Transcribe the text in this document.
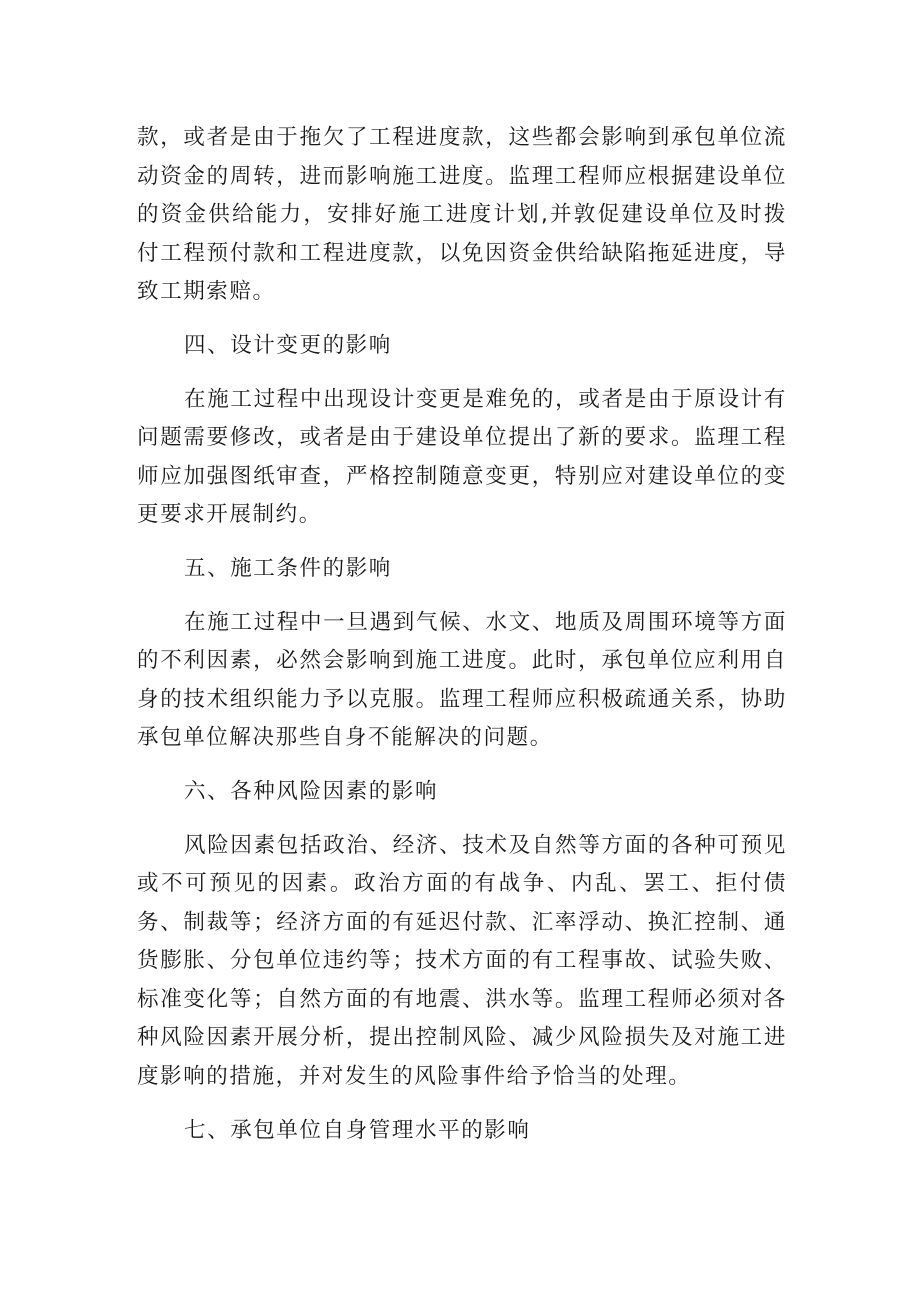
款，或者是由于拖欠了工程进度款，这些都会影响到承包单位流动资金的周转，进而影响施工进度。监理工程师应根据建设单位的资金供给能力，安排好施工进度计划,并敦促建设单位及时拨付工程预付款和工程进度款，以免因资金供给缺陷拖延进度，导致工期索赔。

四、设计变更的影响

在施工过程中出现设计变更是难免的，或者是由于原设计有问题需要修改，或者是由于建设单位提出了新的要求。监理工程师应加强图纸审查，严格控制随意变更，特别应对建设单位的变更要求开展制约。

五、施工条件的影响

在施工过程中一旦遇到气候、水文、地质及周围环境等方面的不利因素，必然会影响到施工进度。此时，承包单位应利用自身的技术组织能力予以克服。监理工程师应积极疏通关系，协助承包单位解决那些自身不能解决的问题。

六、各种风险因素的影响

风险因素包括政治、经济、技术及自然等方面的各种可预见或不可预见的因素。政治方面的有战争、内乱、罢工、拒付债务、制裁等；经济方面的有延迟付款、汇率浮动、换汇控制、通货膨胀、分包单位违约等；技术方面的有工程事故、试验失败、标准变化等；自然方面的有地震、洪水等。监理工程师必须对各种风险因素开展分析，提出控制风险、减少风险损失及对施工进度影响的措施，并对发生的风险事件给予恰当的处理。

七、承包单位自身管理水平的影响
